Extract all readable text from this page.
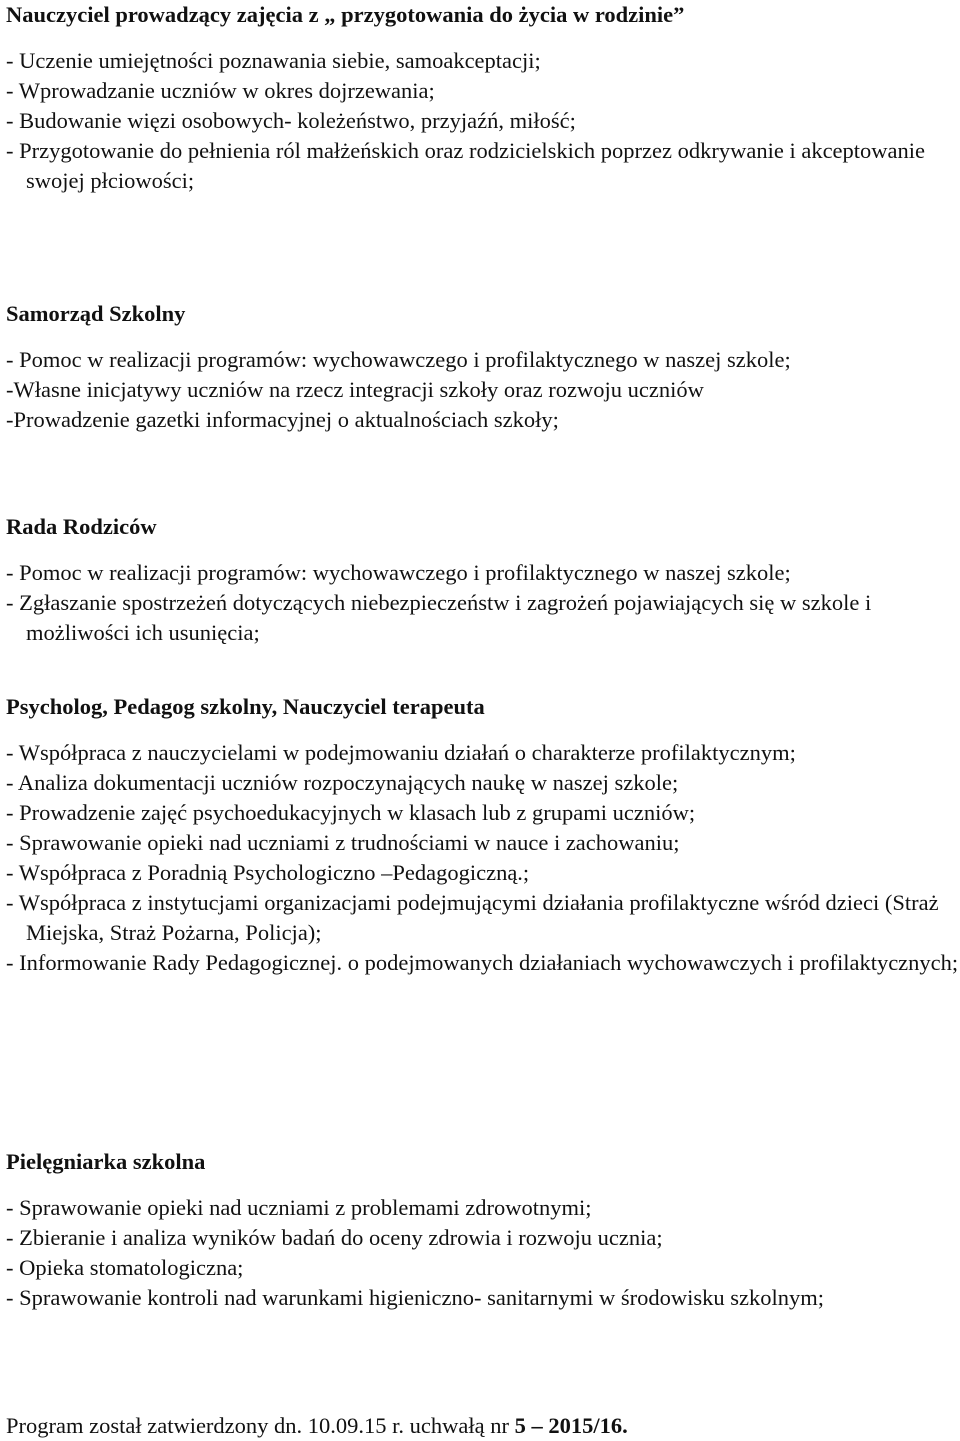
Nauczyciel prowadzący zajęcia z „ przygotowania do życia w rodzinie”

- Uczenie umiejętności poznawania siebie, samoakceptacji;

- Wprowadzanie uczniów w okres dojrzewania;

- Budowanie więzi osobowych- koleżeństwo, przyjaźń, miłość;

- Przygotowanie do pełnienia ról małżeńskich oraz rodzicielskich poprzez odkrywanie i akceptowanie swojej płciowości;

Samorząd Szkolny

- Pomoc w realizacji programów: wychowawczego i profilaktycznego w naszej szkole;

-Własne inicjatywy uczniów na rzecz integracji szkoły oraz rozwoju uczniów

-Prowadzenie gazetki informacyjnej o aktualnościach szkoły;

Rada Rodziców

- Pomoc w realizacji programów: wychowawczego i profilaktycznego w naszej szkole;

- Zgłaszanie spostrzeżeń dotyczących niebezpieczeństw i zagrożeń pojawiających się w szkole i możliwości ich usunięcia;

Psycholog, Pedagog szkolny, Nauczyciel terapeuta

- Współpraca z nauczycielami w podejmowaniu działań o charakterze profilaktycznym;

- Analiza dokumentacji uczniów rozpoczynających naukę w naszej szkole;

- Prowadzenie zajęć psychoedukacyjnych w klasach lub z grupami uczniów;

- Sprawowanie opieki nad uczniami z trudnościami w nauce i zachowaniu;

- Współpraca z Poradnią Psychologiczno –Pedagogiczną.;

- Współpraca z instytucjami organizacjami podejmującymi działania profilaktyczne wśród dzieci (Straż Miejska, Straż Pożarna, Policja);

- Informowanie Rady Pedagogicznej. o podejmowanych działaniach wychowawczych i profilaktycznych;

Pielęgniarka szkolna

- Sprawowanie opieki nad uczniami z problemami zdrowotnymi;

- Zbieranie i analiza wyników badań do oceny zdrowia i rozwoju ucznia;

- Opieka stomatologiczna;

- Sprawowanie kontroli nad warunkami higieniczno- sanitarnymi w środowisku szkolnym;

Program został zatwierdzony dn. 10.09.15 r. uchwałą nr 5 – 2015/16.
